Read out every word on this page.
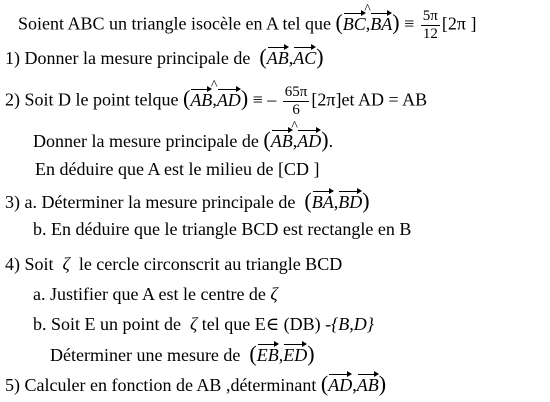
Soient ABC un triangle isocèle en A tel que (
BC,
^
$BA) \equiv \frac{5\pi}{12} [2\pi$ ]
1) Donner la mesure principale de (
AB,
AC)
2) Soit D le point telque (
AB,
^
AD) ≡ – $\frac{65\pi}{6} [2\pi]et$ AD = AB
Donner la mesure principale de (
AB,
^
AD).
En déduire que A est le milieu de [CD ]
3) a. Déterminer la mesure principale de (
BA,
BD)
b. En déduire que le triangle BCD est rectangle en B
4) Soit ζ le cercle circonscrit au triangle BCD
a. Justifier que A est le centre de ζ
b. Soit E un point de ζ tel que E∈ (DB) -{B,D}
Déterminer une mesure de (
EB,
ED)
5) Calculer en fonction de AB ,déterminant (
AD,
AB)
